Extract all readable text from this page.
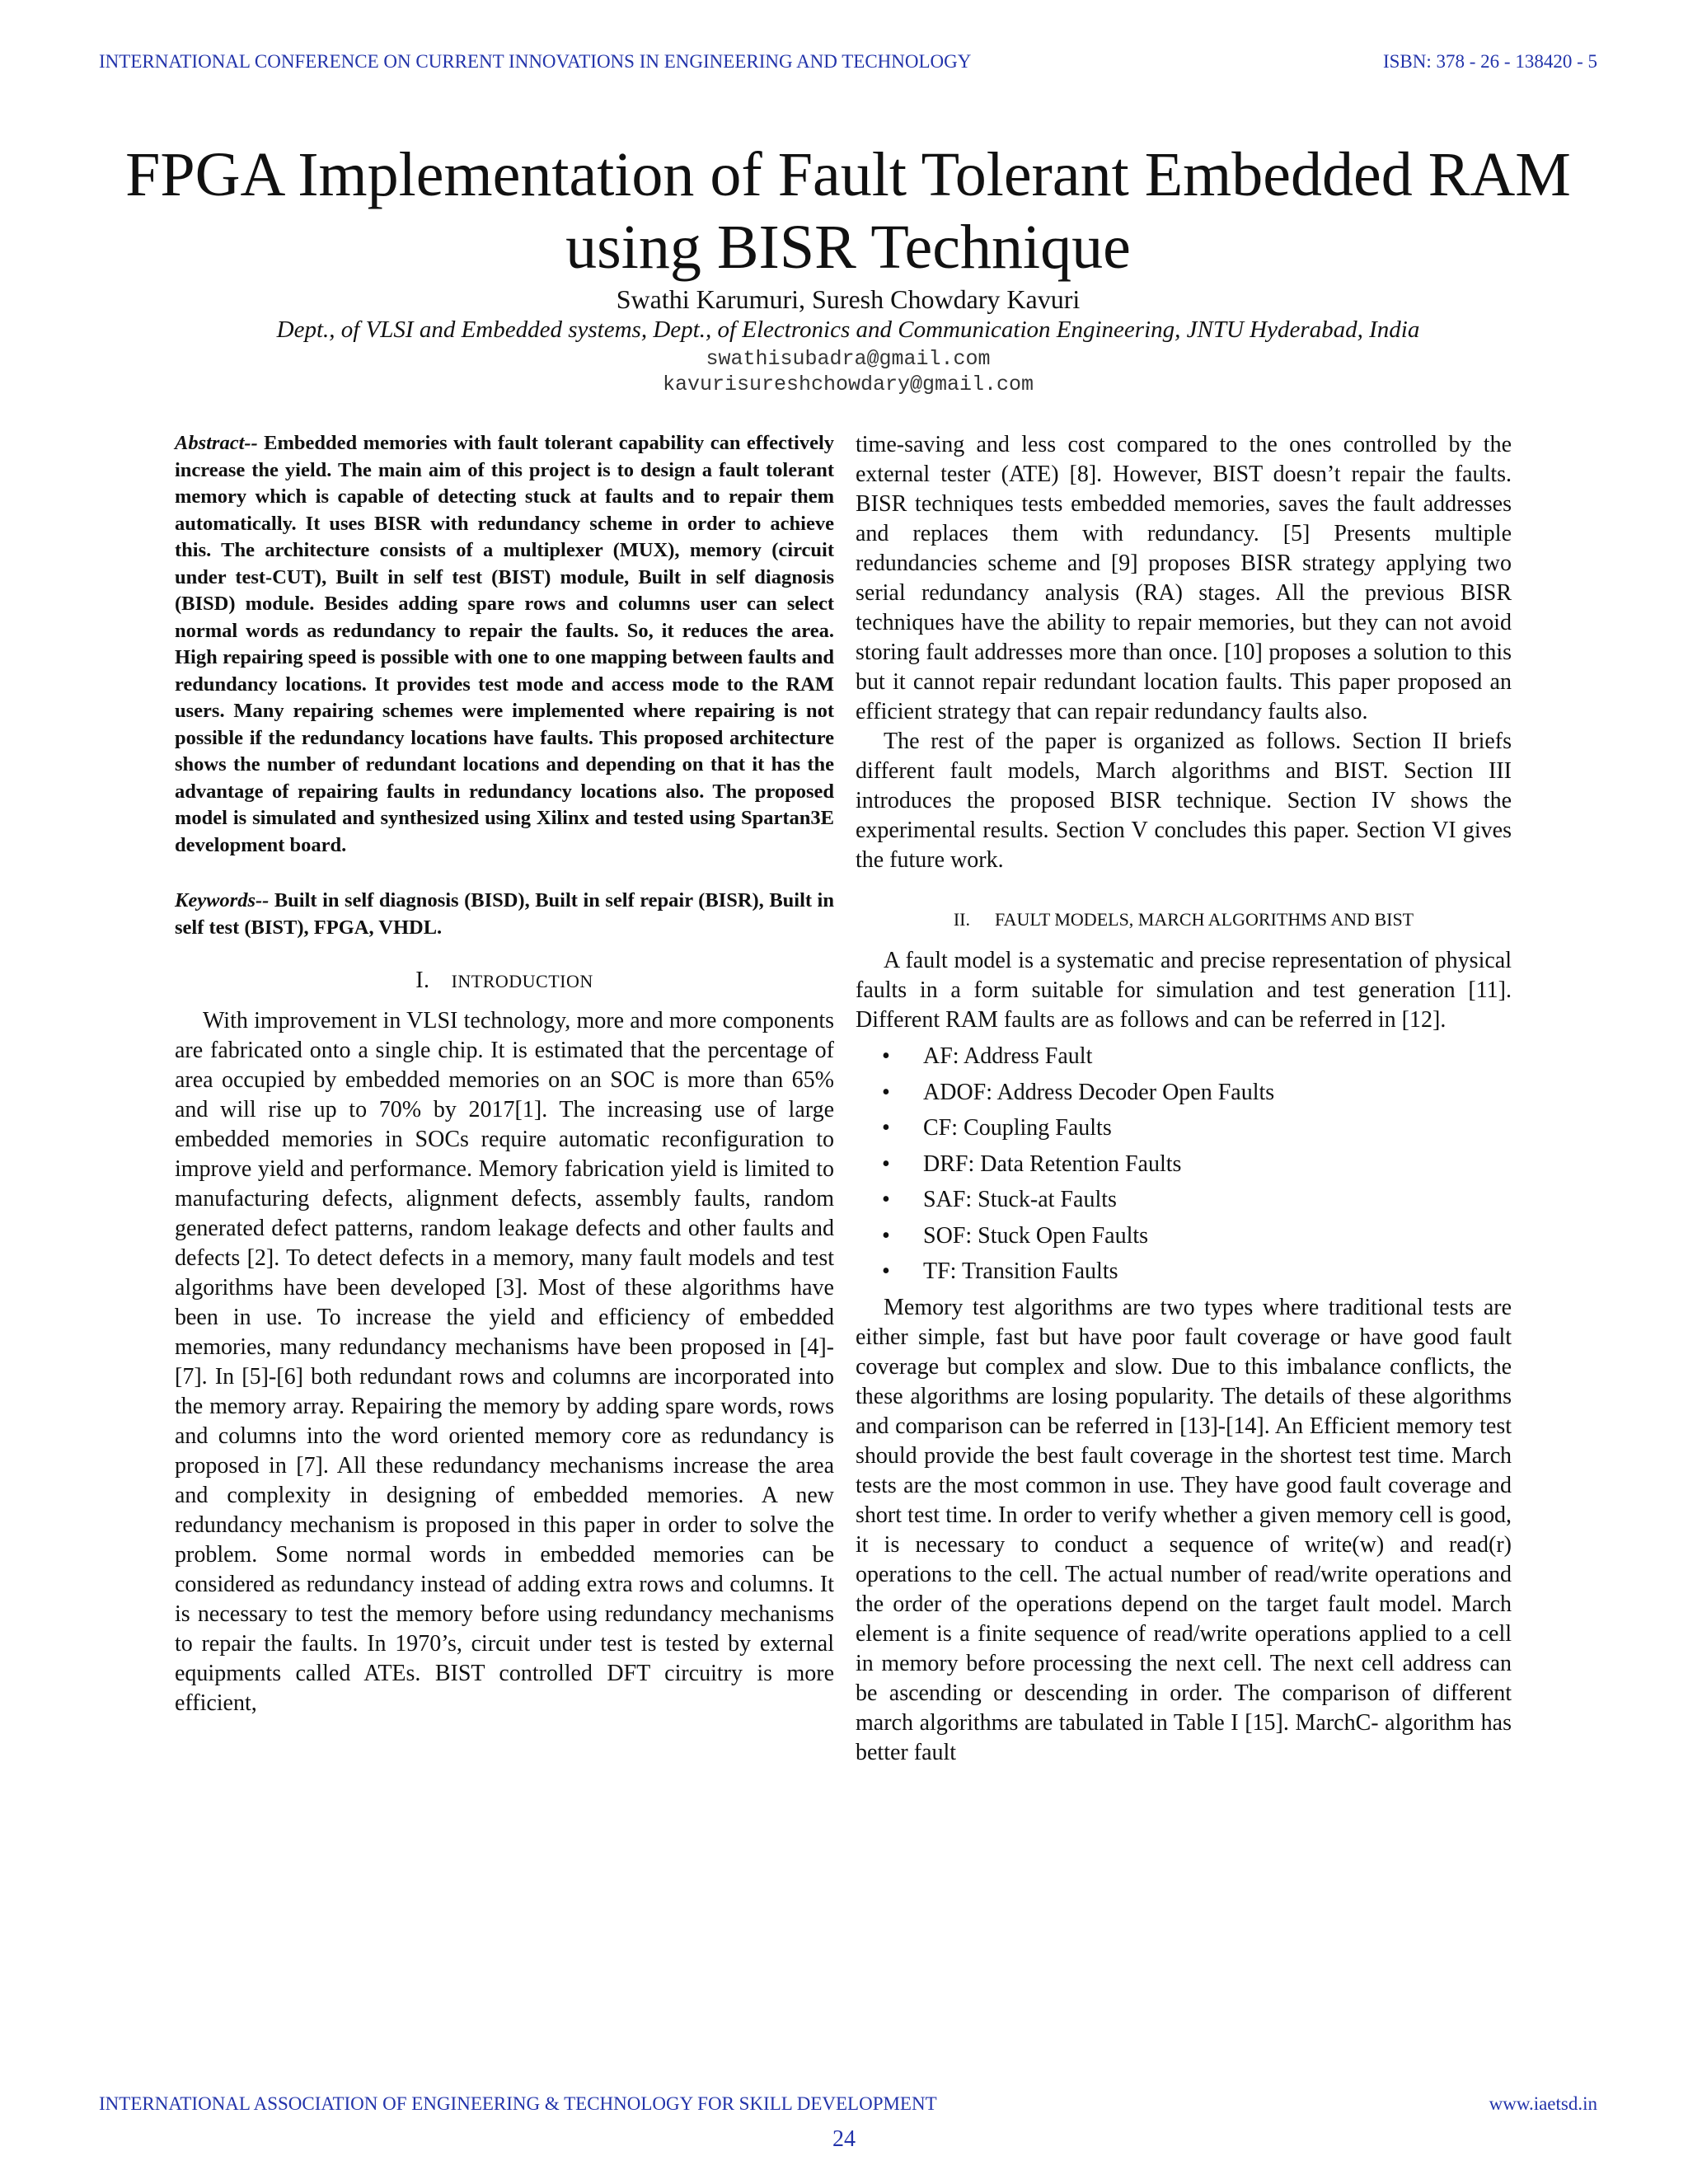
INTERNATIONAL CONFERENCE ON CURRENT INNOVATIONS IN ENGINEERING AND TECHNOLOGY	ISBN: 378 - 26 - 138420 - 5
FPGA Implementation of Fault Tolerant Embedded RAM using BISR Technique
Swathi Karumuri, Suresh Chowdary Kavuri
Dept., of VLSI and Embedded systems, Dept., of Electronics and Communication Engineering, JNTU Hyderabad, India
swathisubadra@gmail.com
kavurisureshchowdary@gmail.com

Abstract-- Embedded memories with fault tolerant capability can effectively increase the yield. The main aim of this project is to design a fault tolerant memory which is capable of detecting stuck at faults and to repair them automatically. It uses BISR with redundancy scheme in order to achieve this. The architecture consists of a multiplexer (MUX), memory (circuit under test-CUT), Built in self test (BIST) module, Built in self diagnosis (BISD) module. Besides adding spare rows and columns user can select normal words as redundancy to repair the faults. So, it reduces the area. High repairing speed is possible with one to one mapping between faults and redundancy locations. It provides test mode and access mode to the RAM users. Many repairing schemes were implemented where repairing is not possible if the redundancy locations have faults. This proposed architecture shows the number of redundant locations and depending on that it has the advantage of repairing faults in redundancy locations also. The proposed model is simulated and synthesized using Xilinx and tested using Spartan3E development board.

Keywords-- Built in self diagnosis (BISD), Built in self repair (BISR), Built in self test (BIST), FPGA, VHDL.

I. INTRODUCTION

With improvement in VLSI technology, more and more components are fabricated onto a single chip. It is estimated that the percentage of area occupied by embedded memories on an SOC is more than 65% and will rise up to 70% by 2017[1]. The increasing use of large embedded memories in SOCs require automatic reconfiguration to improve yield and performance. Memory fabrication yield is limited to manufacturing defects, alignment defects, assembly faults, random generated defect patterns, random leakage defects and other faults and defects [2]. To detect defects in a memory, many fault models and test algorithms have been developed [3]. Most of these algorithms have been in use. To increase the yield and efficiency of embedded memories, many redundancy mechanisms have been proposed in [4]-[7]. In [5]-[6] both redundant rows and columns are incorporated into the memory array. Repairing the memory by adding spare words, rows and columns into the word oriented memory core as redundancy is proposed in [7]. All these redundancy mechanisms increase the area and complexity in designing of embedded memories. A new redundancy mechanism is proposed in this paper in order to solve the problem. Some normal words in embedded memories can be considered as redundancy instead of adding extra rows and columns. It is necessary to test the memory before using redundancy mechanisms to repair the faults. In 1970’s, circuit under test is tested by external equipments called ATEs. BIST controlled DFT circuitry is more efficient,

time-saving and less cost compared to the ones controlled by the external tester (ATE) [8]. However, BIST doesn’t repair the faults. BISR techniques tests embedded memories, saves the fault addresses and replaces them with redundancy. [5] Presents multiple redundancies scheme and [9] proposes BISR strategy applying two serial redundancy analysis (RA) stages. All the previous BISR techniques have the ability to repair memories, but they can not avoid storing fault addresses more than once. [10] proposes a solution to this but it cannot repair redundant location faults. This paper proposed an efficient strategy that can repair redundancy faults also.

The rest of the paper is organized as follows. Section II briefs different fault models, March algorithms and BIST. Section III introduces the proposed BISR technique. Section IV shows the experimental results. Section V concludes this paper. Section VI gives the future work.

II. FAULT MODELS, MARCH ALGORITHMS AND BIST

A fault model is a systematic and precise representation of physical faults in a form suitable for simulation and test generation [11]. Different RAM faults are as follows and can be referred in [12].

• AF: Address Fault
• ADOF: Address Decoder Open Faults
• CF: Coupling Faults
• DRF: Data Retention Faults
• SAF: Stuck-at Faults
• SOF: Stuck Open Faults
• TF: Transition Faults

Memory test algorithms are two types where traditional tests are either simple, fast but have poor fault coverage or have good fault coverage but complex and slow. Due to this imbalance conflicts, the these algorithms are losing popularity. The details of these algorithms and comparison can be referred in [13]-[14]. An Efficient memory test should provide the best fault coverage in the shortest test time. March tests are the most common in use. They have good fault coverage and short test time. In order to verify whether a given memory cell is good, it is necessary to conduct a sequence of write(w) and read(r) operations to the cell. The actual number of read/write operations and the order of the operations depend on the target fault model. March element is a finite sequence of read/write operations applied to a cell in memory before processing the next cell. The next cell address can be ascending or descending in order. The comparison of different march algorithms are tabulated in Table I [15]. MarchC- algorithm has better fault

INTERNATIONAL ASSOCIATION OF ENGINEERING & TECHNOLOGY FOR SKILL DEVELOPMENT	www.iaetsd.in
24
